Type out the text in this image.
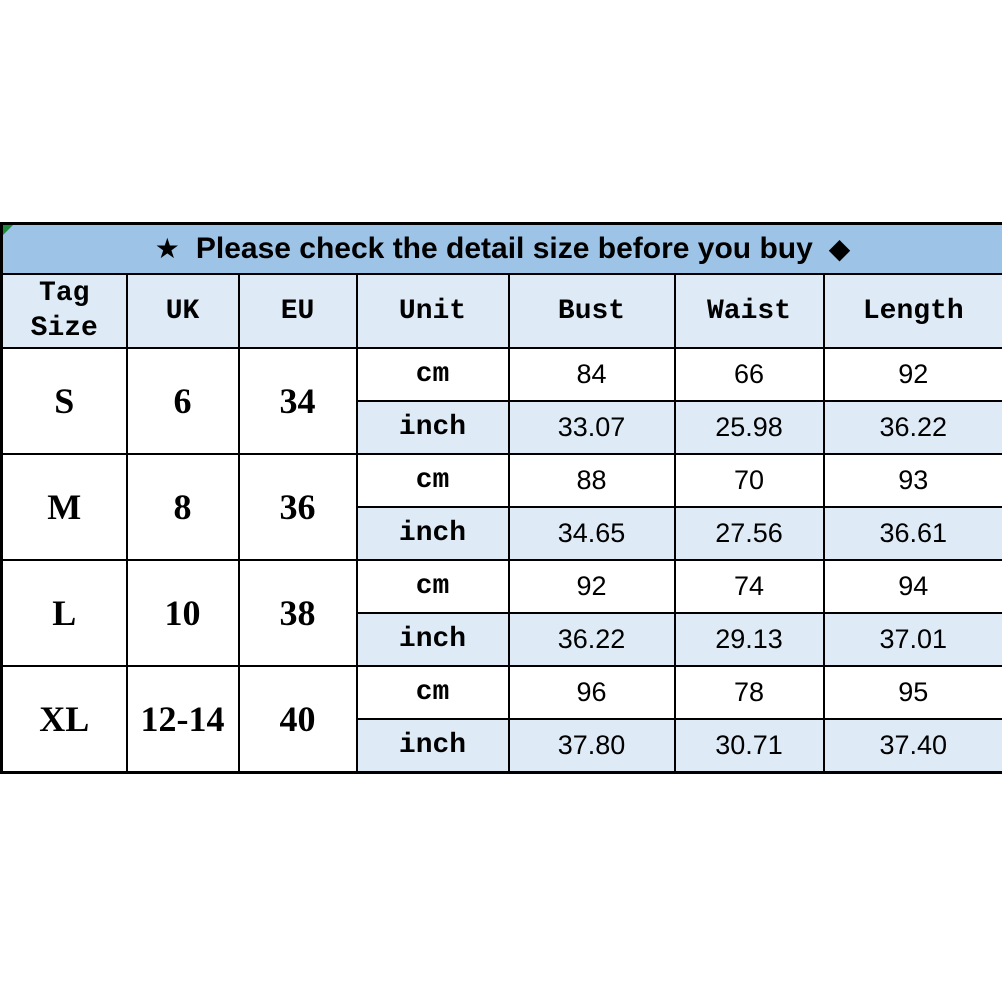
★ Please check the detail size before you buy ◆						
Tag Size	UK	EU	Unit	Bust	Waist	Length
S	6	34	cm	84	66	92
			inch	33.07	25.98	36.22
M	8	36	cm	88	70	93
			inch	34.65	27.56	36.61
L	10	38	cm	92	74	94
			inch	36.22	29.13	37.01
XL	12-14	40	cm	96	78	95
			inch	37.80	30.71	37.40
